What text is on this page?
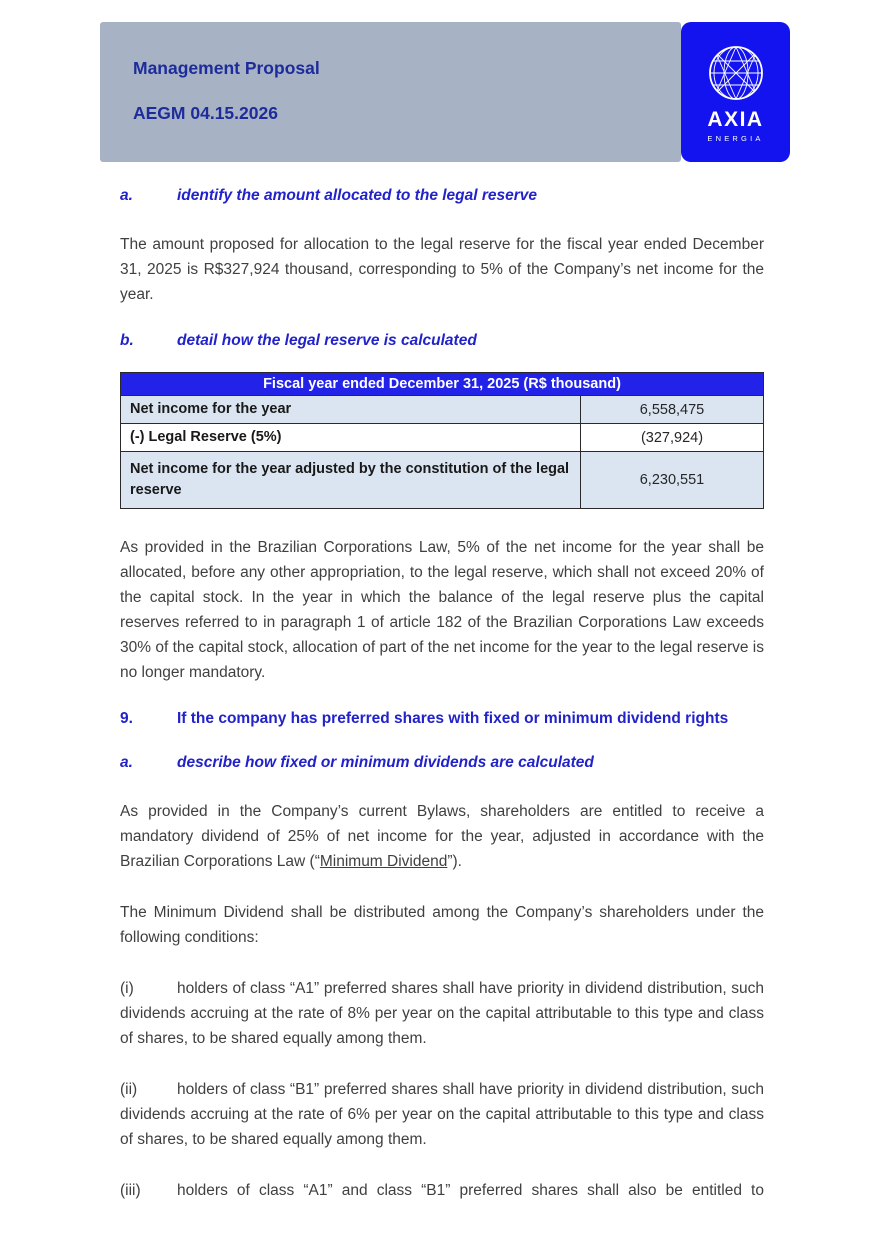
Management Proposal
AEGM 04.15.2026	AXIA
ENERGIA
a.	identify the amount allocated to the legal reserve

The amount proposed for allocation to the legal reserve for the fiscal year ended December 31, 2025 is R$327,924 thousand, corresponding to 5% of the Company’s net income for the year.

b.	detail how the legal reserve is calculated
Fiscal year ended December 31, 2025 (R$ thousand)	
Net income for the year	6,558,475
(-) Legal Reserve (5%)	(327,924)
Net income for the year adjusted by the constitution of the legal reserve	6,230,551

As provided in the Brazilian Corporations Law, 5% of the net income for the year shall be allocated, before any other appropriation, to the legal reserve, which shall not exceed 20% of the capital stock. In the year in which the balance of the legal reserve plus the capital reserves referred to in paragraph 1 of article 182 of the Brazilian Corporations Law exceeds 30% of the capital stock, allocation of part of the net income for the year to the legal reserve is no longer mandatory.

9.	If the company has preferred shares with fixed or minimum dividend rights
a.	describe how fixed or minimum dividends are calculated

As provided in the Company’s current Bylaws, shareholders are entitled to receive a mandatory dividend of 25% of net income for the year, adjusted in accordance with the Brazilian Corporations Law (“Minimum Dividend”).

The Minimum Dividend shall be distributed among the Company’s shareholders under the following conditions:

(i)	holders of class “A1” preferred shares shall have priority in dividend distribution, such dividends accruing at the rate of 8% per year on the capital attributable to this type and class of shares, to be shared equally among them.

(ii)	holders of class “B1” preferred shares shall have priority in dividend distribution, such dividends accruing at the rate of 6% per year on the capital attributable to this type and class of shares, to be shared equally among them.

(iii) holders of class “A1” and class “B1” preferred shares shall also be entitled to
